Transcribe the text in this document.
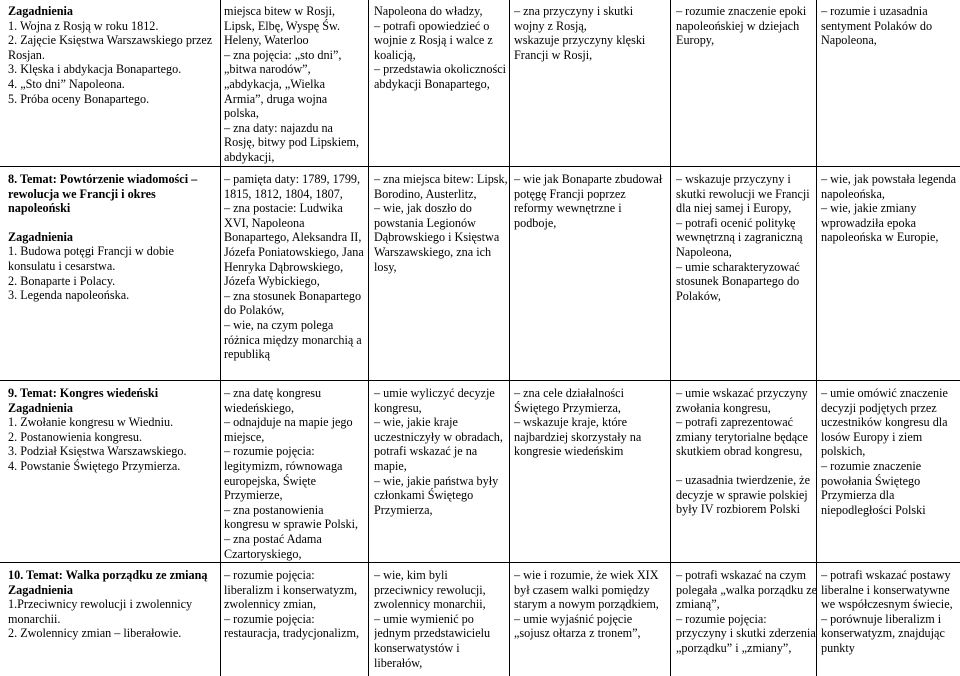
Zagadnienia
1. Wojna z Rosją w roku 1812.
2. Zajęcie Księstwa Warszawskiego przez Rosjan.
3. Klęska i abdykacja Bonapartego.
4. „Sto dni” Napoleona.
5. Próba oceny Bonapartego.
miejsca bitew w Rosji, Lipsk, Elbę, Wyspę Św. Heleny, Waterloo
– zna pojęcia: „sto dni”, „bitwa narodów”, „abdykacja, „Wielka Armia”, druga wojna polska,
– zna daty: najazdu na Rosję, bitwy pod Lipskiem, abdykacji,
Napoleona do władzy,
– potrafi opowiedzieć o wojnie z Rosją i walce z koalicją,
– przedstawia okoliczności abdykacji Bonapartego,
– zna przyczyny i skutki wojny z Rosją,
wskazuje przyczyny klęski Francji w Rosji,
– rozumie znaczenie epoki napoleońskiej w dziejach Europy,
– rozumie i uzasadnia sentyment Polaków do Napoleona,
8. Temat: Powtórzenie wiadomości – rewolucja we Francji i okres napoleoński
Zagadnienia
1. Budowa potęgi Francji w dobie konsulatu i cesarstwa.
2. Bonaparte i Polacy.
3. Legenda napoleońska.
– pamięta daty: 1789, 1799, 1815, 1812, 1804, 1807,
– zna postacie: Ludwika XVI, Napoleona Bonapartego, Aleksandra II, Józefa Poniatowskiego, Jana Henryka Dąbrowskiego, Józefa Wybickiego,
– zna stosunek Bonapartego do Polaków,
– wie, na czym polega różnica między monarchią a republiką
– zna miejsca bitew: Lipsk, Borodino, Austerlitz,
– wie, jak doszło do powstania Legionów Dąbrowskiego i Księstwa Warszawskiego, zna ich losy,
– wie jak Bonaparte zbudował potęgę Francji poprzez reformy wewnętrzne i podboje,
– wskazuje przyczyny i skutki rewolucji we Francji dla niej samej i Europy,
– potrafi ocenić politykę wewnętrzną i zagraniczną Napoleona,
– umie scharakteryzować stosunek Bonapartego do Polaków,
– wie, jak powstała legenda napoleońska,
– wie, jakie zmiany wprowadziła epoka napoleońska w Europie,
9. Temat: Kongres wiedeński
Zagadnienia
1. Zwołanie kongresu w Wiedniu.
2. Postanowienia kongresu.
3. Podział Księstwa Warszawskiego.
4. Powstanie Świętego Przymierza.
– zna datę kongresu wiedeńskiego,
– odnajduje na mapie jego miejsce,
– rozumie pojęcia: legitymizm, równowaga europejska, Święte Przymierze,
– zna postanowienia kongresu w sprawie Polski,
– zna postać Adama Czartoryskiego,
– umie wyliczyć decyzje kongresu,
– wie, jakie kraje uczestniczyły w obradach, potrafi wskazać je na mapie,
– wie, jakie państwa były członkami Świętego Przymierza,
– zna cele działalności Świętego Przymierza,
– wskazuje kraje, które najbardziej skorzystały na kongresie wiedeńskim
– umie wskazać przyczyny zwołania kongresu,
– potrafi zaprezentować zmiany terytorialne będące skutkiem obrad kongresu,
– uzasadnia twierdzenie, że decyzje w sprawie polskiej były IV rozbiorem Polski
– umie omówić znaczenie decyzji podjętych przez uczestników kongresu dla losów Europy i ziem polskich,
– rozumie znaczenie powołania Świętego Przymierza dla niepodległości Polski
10. Temat: Walka porządku ze zmianą
Zagadnienia
1.Przeciwnicy rewolucji i zwolennicy monarchii.
2. Zwolennicy zmian – liberałowie.
– rozumie pojęcia: liberalizm i konserwatyzm, zwolennicy zmian,
– rozumie pojęcia: restauracja, tradycjonalizm,
– wie, kim byli przeciwnicy rewolucji, zwolennicy monarchii,
– umie wymienić po jednym przedstawicielu konserwatystów i liberałów,
– wie i rozumie, że wiek XIX był czasem walki pomiędzy starym a nowym porządkiem,
– umie wyjaśnić pojęcie „sojusz ołtarza z tronem”,
– potrafi wskazać na czym polegała „walka porządku ze zmianą”,
– rozumie pojęcia: przyczyny i skutki zderzenia „porządku” i „zmiany”,
– potrafi wskazać postawy liberalne i konserwatywne we współczesnym świecie,
– porównuje liberalizm i konserwatyzm, znajdując punkty
